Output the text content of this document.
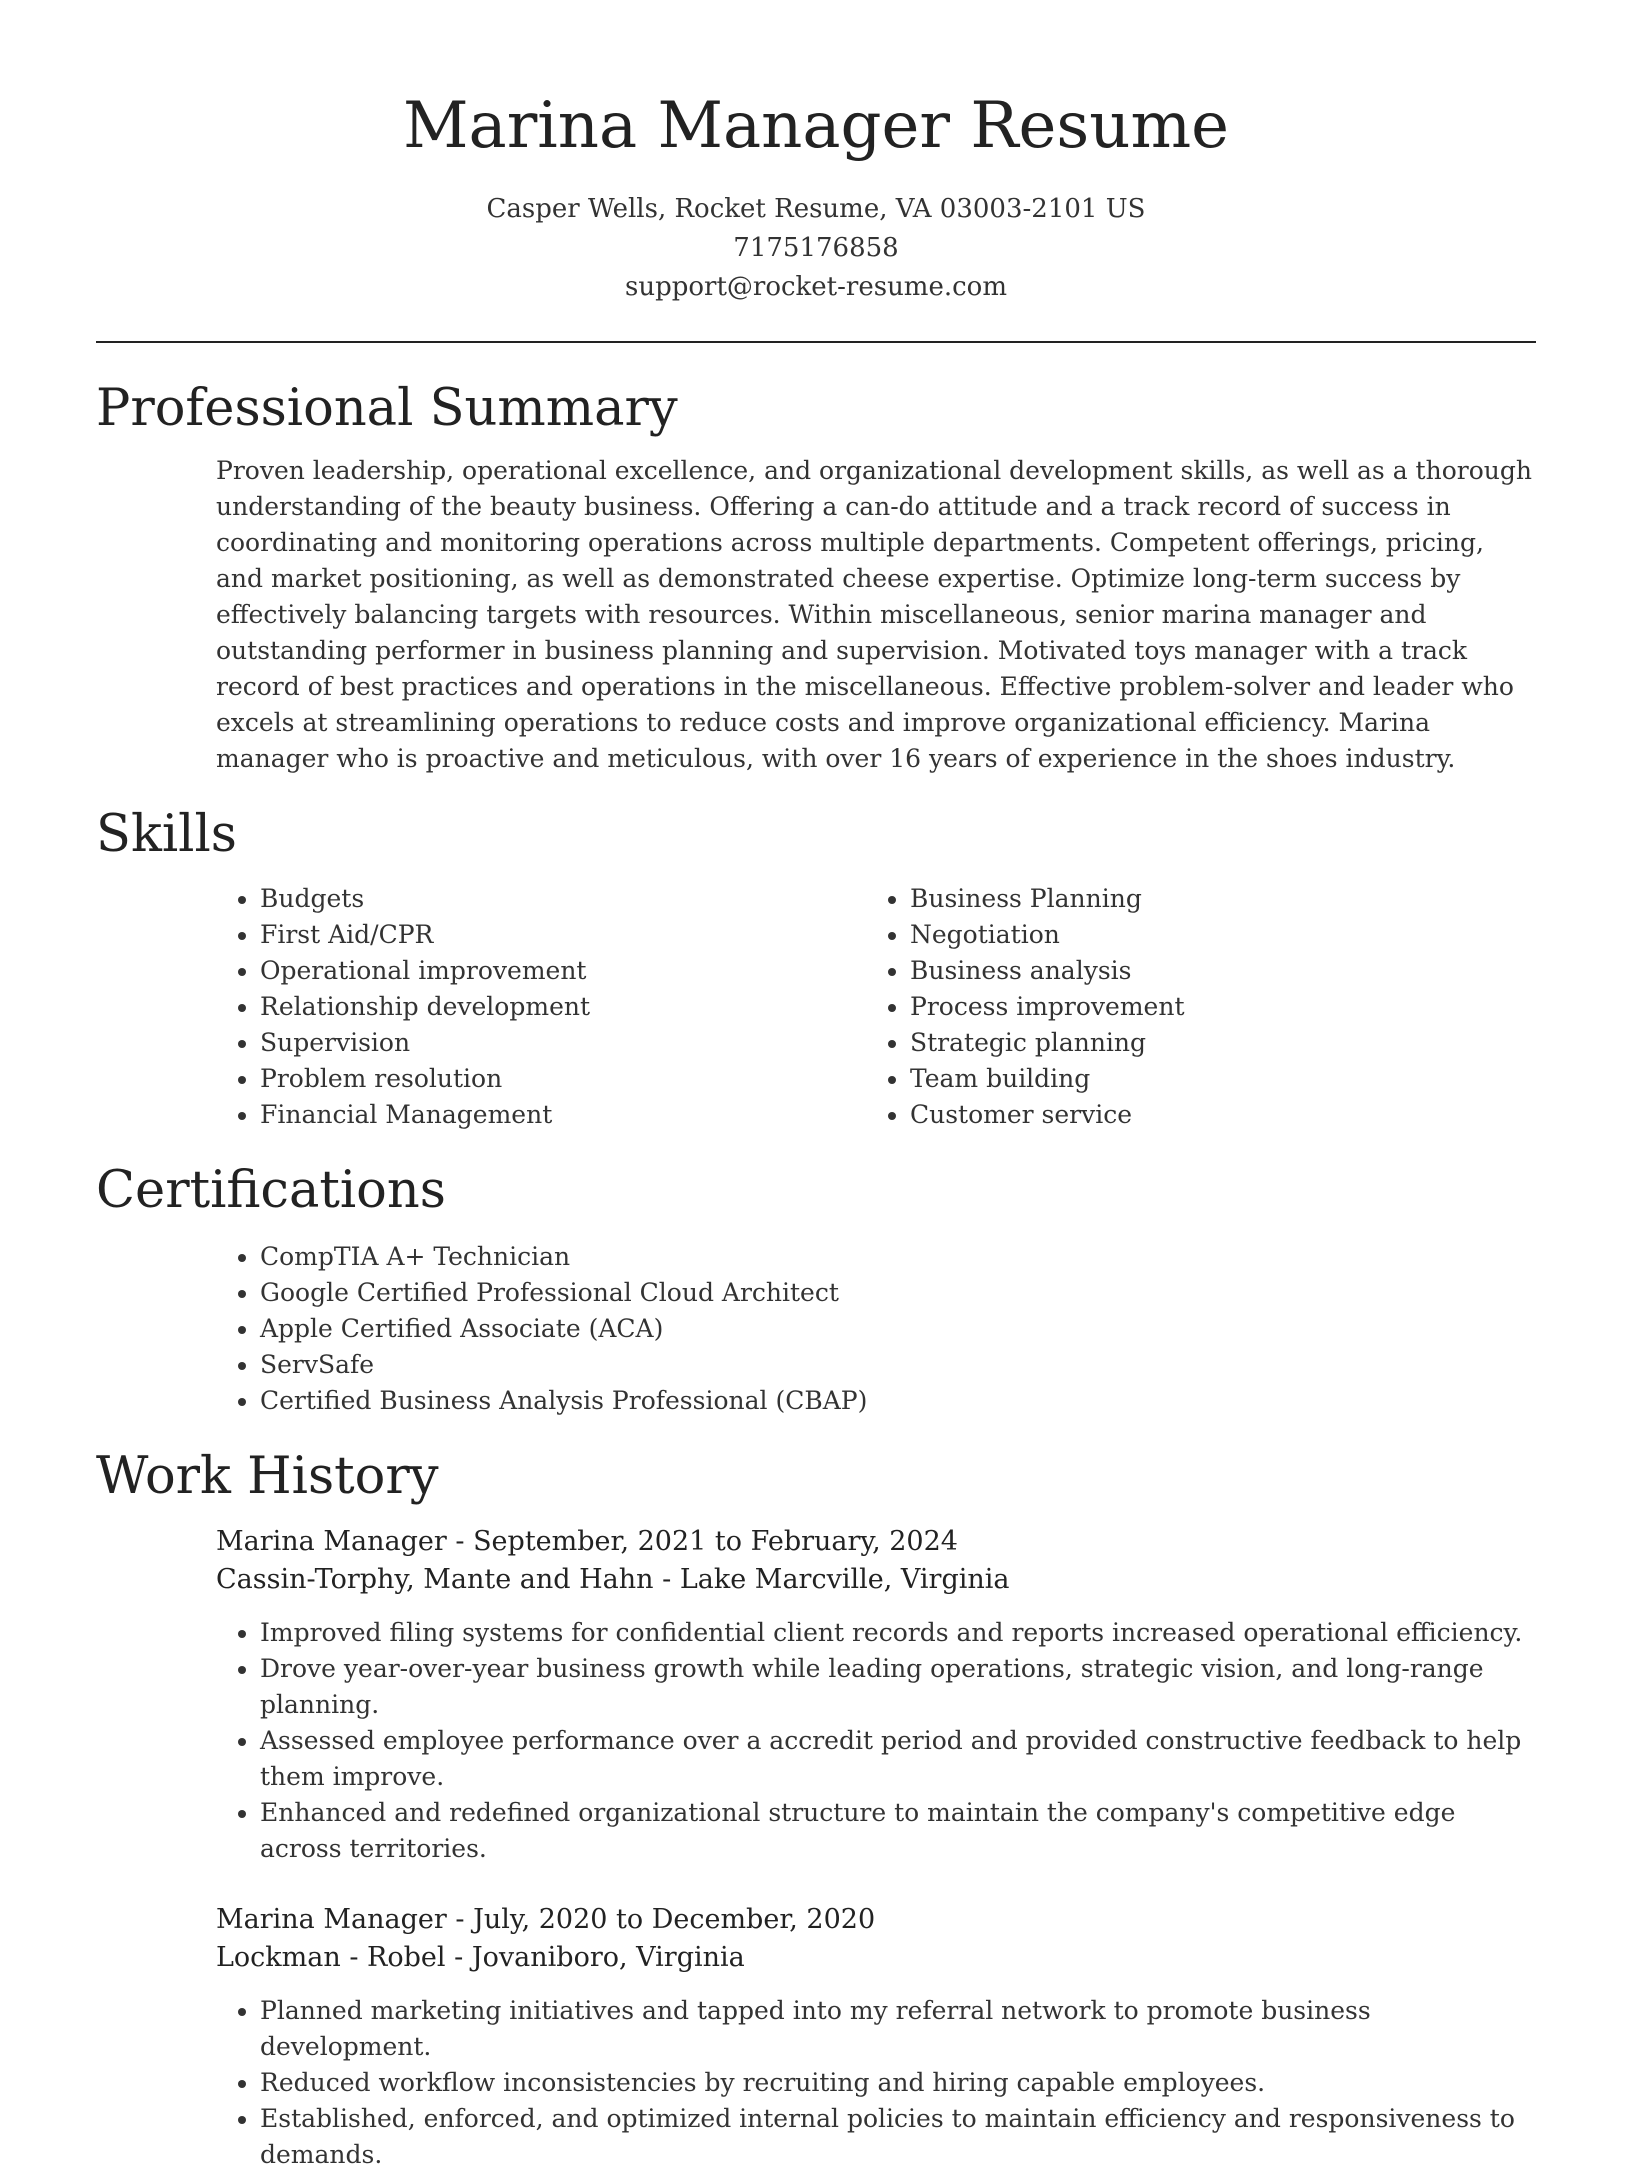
Marina Manager Resume
Casper Wells, Rocket Resume, VA 03003-2101 US
7175176858
support@rocket-resume.com
Professional Summary

Proven leadership, operational excellence, and organizational development skills, as well as a thorough understanding of the beauty business. Offering a can-do attitude and a track record of success in coordinating and monitoring operations across multiple departments. Competent offerings, pricing, and market positioning, as well as demonstrated cheese expertise. Optimize long-term success by effectively balancing targets with resources. Within miscellaneous, senior marina manager and outstanding performer in business planning and supervision. Motivated toys manager with a track record of best practices and operations in the miscellaneous. Effective problem-solver and leader who excels at streamlining operations to reduce costs and improve organizational efficiency. Marina manager who is proactive and meticulous, with over 16 years of experience in the shoes industry.

Skills
• Budgets
• First Aid/CPR
• Operational improvement
• Relationship development
• Supervision
• Problem resolution
• Financial Management
• Business Planning
• Negotiation
• Business analysis
• Process improvement
• Strategic planning
• Team building
• Customer service
Certifications
• CompTIA A+ Technician
• Google Certified Professional Cloud Architect
• Apple Certified Associate (ACA)
• ServSafe
• Certified Business Analysis Professional (CBAP)
Work History
Marina Manager - September, 2021 to February, 2024
Cassin-Torphy, Mante and Hahn - Lake Marcville, Virginia
• Improved filing systems for confidential client records and reports increased operational efficiency.
• Drove year-over-year business growth while leading operations, strategic vision, and long-range planning.
• Assessed employee performance over a accredit period and provided constructive feedback to help them improve.
• Enhanced and redefined organizational structure to maintain the company's competitive edge across territories.
Marina Manager - July, 2020 to December, 2020
Lockman - Robel - Jovaniboro, Virginia
• Planned marketing initiatives and tapped into my referral network to promote business development.
• Reduced workflow inconsistencies by recruiting and hiring capable employees.
• Established, enforced, and optimized internal policies to maintain efficiency and responsiveness to demands.
